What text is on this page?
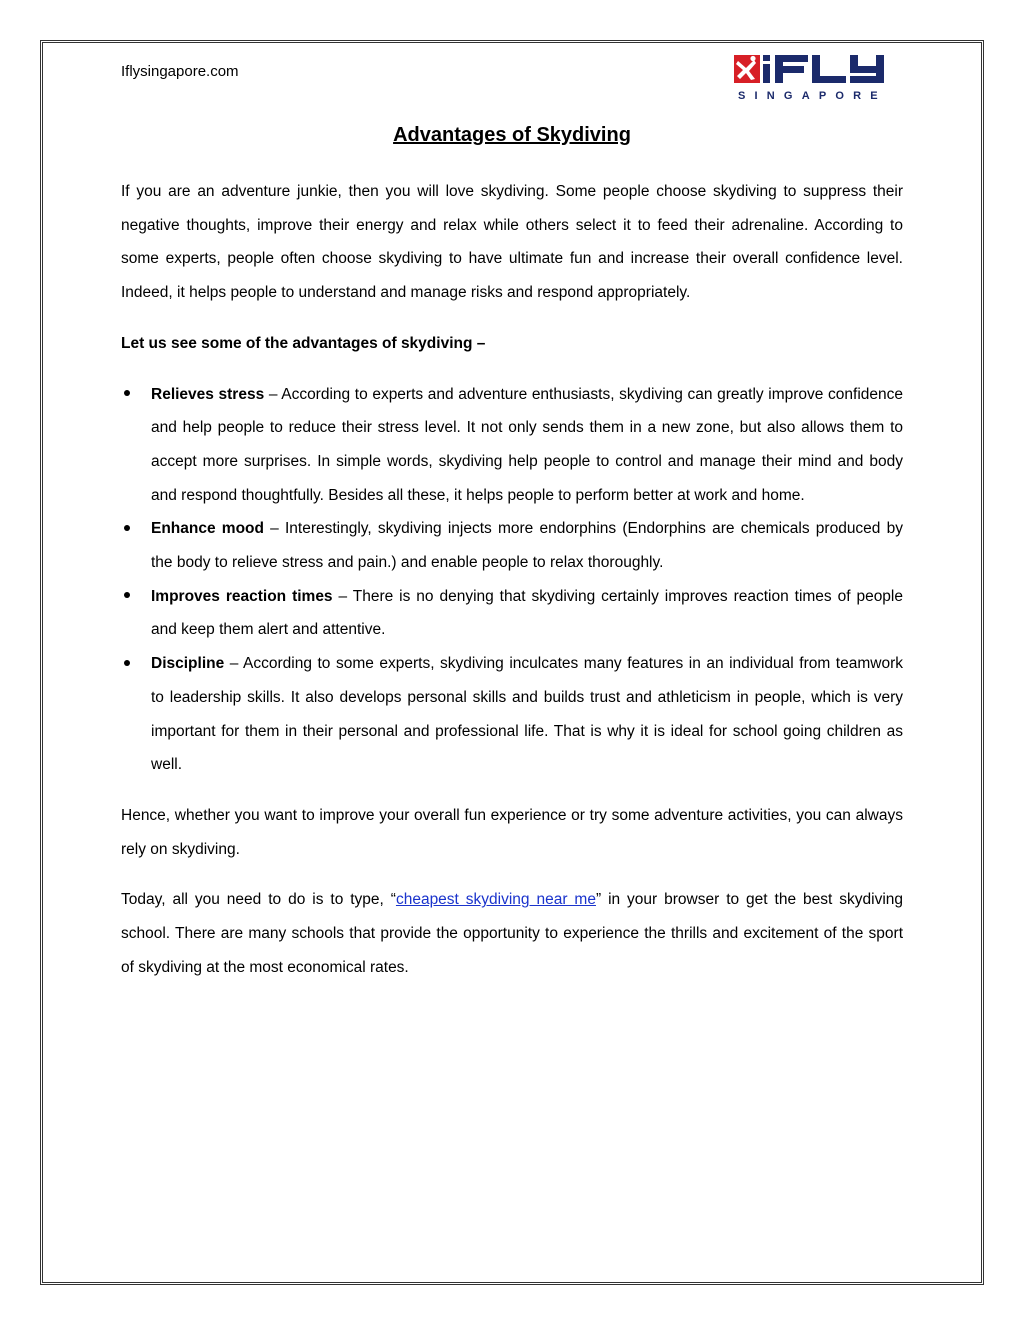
Iflysingapore.com
SINGAPORE
Advantages of Skydiving

If you are an adventure junkie, then you will love skydiving. Some people choose skydiving to suppress their negative thoughts, improve their energy and relax while others select it to feed their adrenaline. According to some experts, people often choose skydiving to have ultimate fun and increase their overall confidence level. Indeed, it helps people to understand and manage risks and respond appropriately.

Let us see some of the advantages of skydiving –

Relieves stress – According to experts and adventure enthusiasts, skydiving can greatly improve confidence and help people to reduce their stress level. It not only sends them in a new zone, but also allows them to accept more surprises. In simple words, skydiving help people to control and manage their mind and body and respond thoughtfully. Besides all these, it helps people to perform better at work and home.
Enhance mood – Interestingly, skydiving injects more endorphins (Endorphins are chemicals produced by the body to relieve stress and pain.) and enable people to relax thoroughly.
Improves reaction times – There is no denying that skydiving certainly improves reaction times of people and keep them alert and attentive.
Discipline – According to some experts, skydiving inculcates many features in an individual from teamwork to leadership skills. It also develops personal skills and builds trust and athleticism in people, which is very important for them in their personal and professional life. That is why it is ideal for school going children as well.

Hence, whether you want to improve your overall fun experience or try some adventure activities, you can always rely on skydiving.

Today, all you need to do is to type, “cheapest skydiving near me” in your browser to get the best skydiving school. There are many schools that provide the opportunity to experience the thrills and excitement of the sport of skydiving at the most economical rates.
